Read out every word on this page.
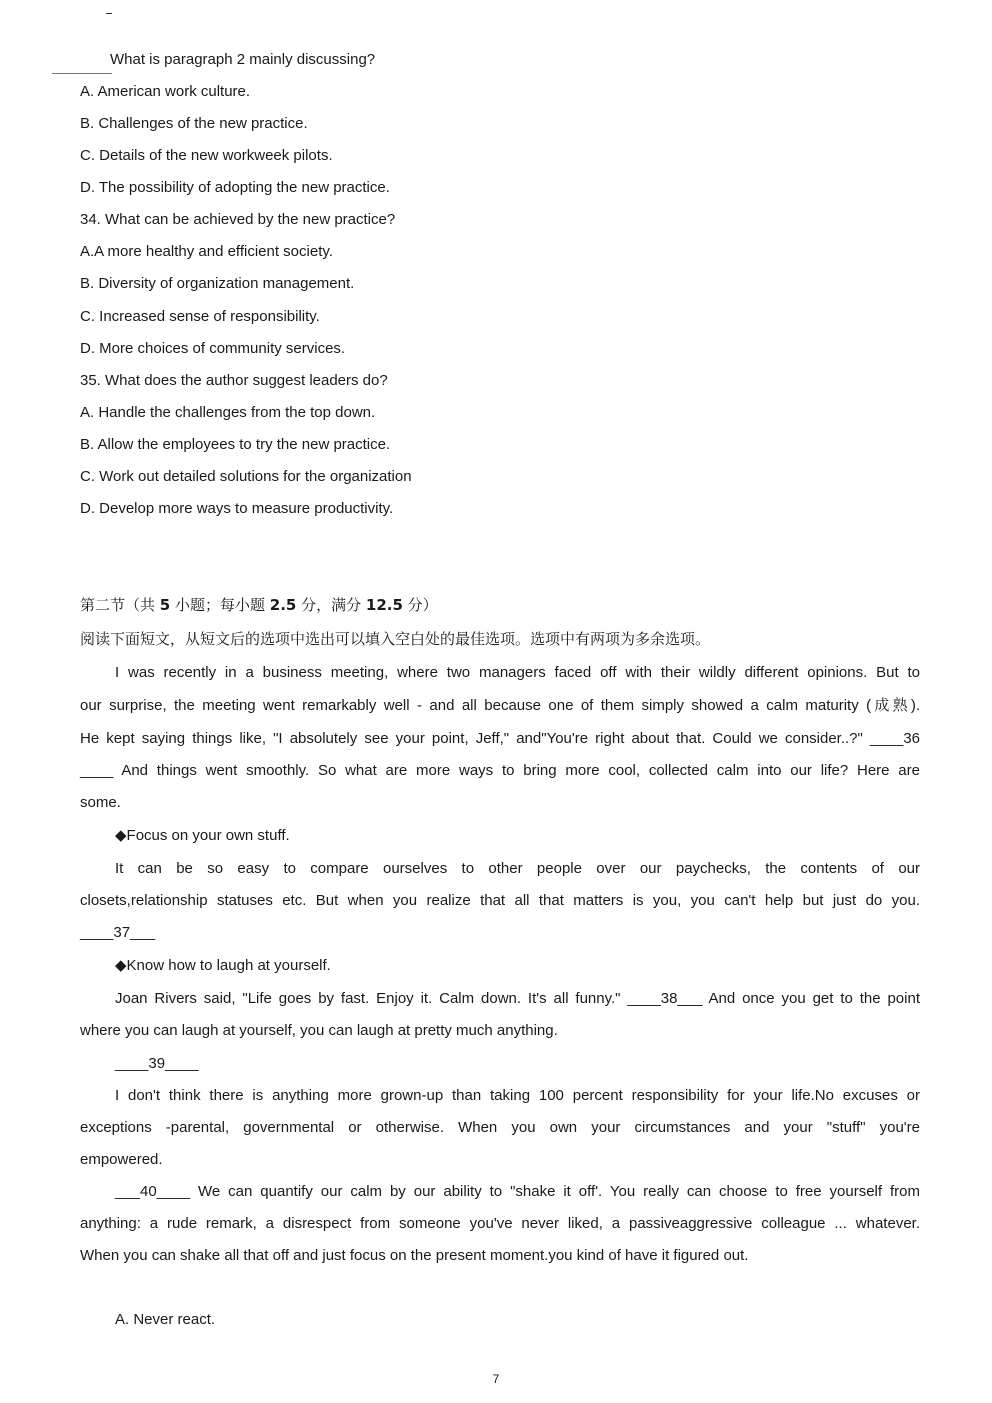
What is paragraph 2 mainly discussing?
A. American work culture.
B. Challenges of the new practice.
C. Details of the new workweek pilots.
D. The possibility of adopting the new practice.
34. What can be achieved by the new practice?
A.A more healthy and efficient society.
B. Diversity of organization management.
C. Increased sense of responsibility.
D. More choices of community services.
35. What does the author suggest leaders do?
A. Handle the challenges from the top down.
B. Allow the employees to try the new practice.
C. Work out detailed solutions for the organization
D. Develop more ways to measure productivity.
第二节（共 5 小题；每小题 2.5 分，满分 12.5 分）
阅读下面短文，从短文后的选项中选出可以填入空白处的最佳选项。选项中有两项为多余选项。
I was recently in a business meeting, where two managers faced off with their wildly different opinions. But to
our surprise, the meeting went remarkably well - and all because one of them simply showed a calm maturity (成熟).
He kept saying things like, "I absolutely see your point, Jeff," and"You're right about that. Could we consider..?" ____36
____ And things went smoothly. So what are more ways to bring more cool, collected calm into our life? Here are
some.
◆Focus on your own stuff.
It can be so easy to compare ourselves to other people over our paychecks, the contents of our
closets,relationship statuses etc. But when you realize that all that matters is you, you can't help but just do you.
____37___
◆Know how to laugh at yourself.
Joan Rivers said, "Life goes by fast. Enjoy it. Calm down. It's all funny." ____38___ And once you get to the point
where you can laugh at yourself, you can laugh at pretty much anything.
____39____
I don't think there is anything more grown-up than taking 100 percent responsibility for your life.No excuses or
exceptions -parental, governmental or otherwise. When you own your circumstances and your "stuff" you're
empowered.
___40____ We can quantify our calm by our ability to "shake it off'. You really can choose to free yourself from
anything: a rude remark, a disrespect from someone you've never liked, a passiveaggressive colleague ... whatever.
When you can shake all that off and just focus on the present moment.you kind of have it figured out.
A. Never react.
7
